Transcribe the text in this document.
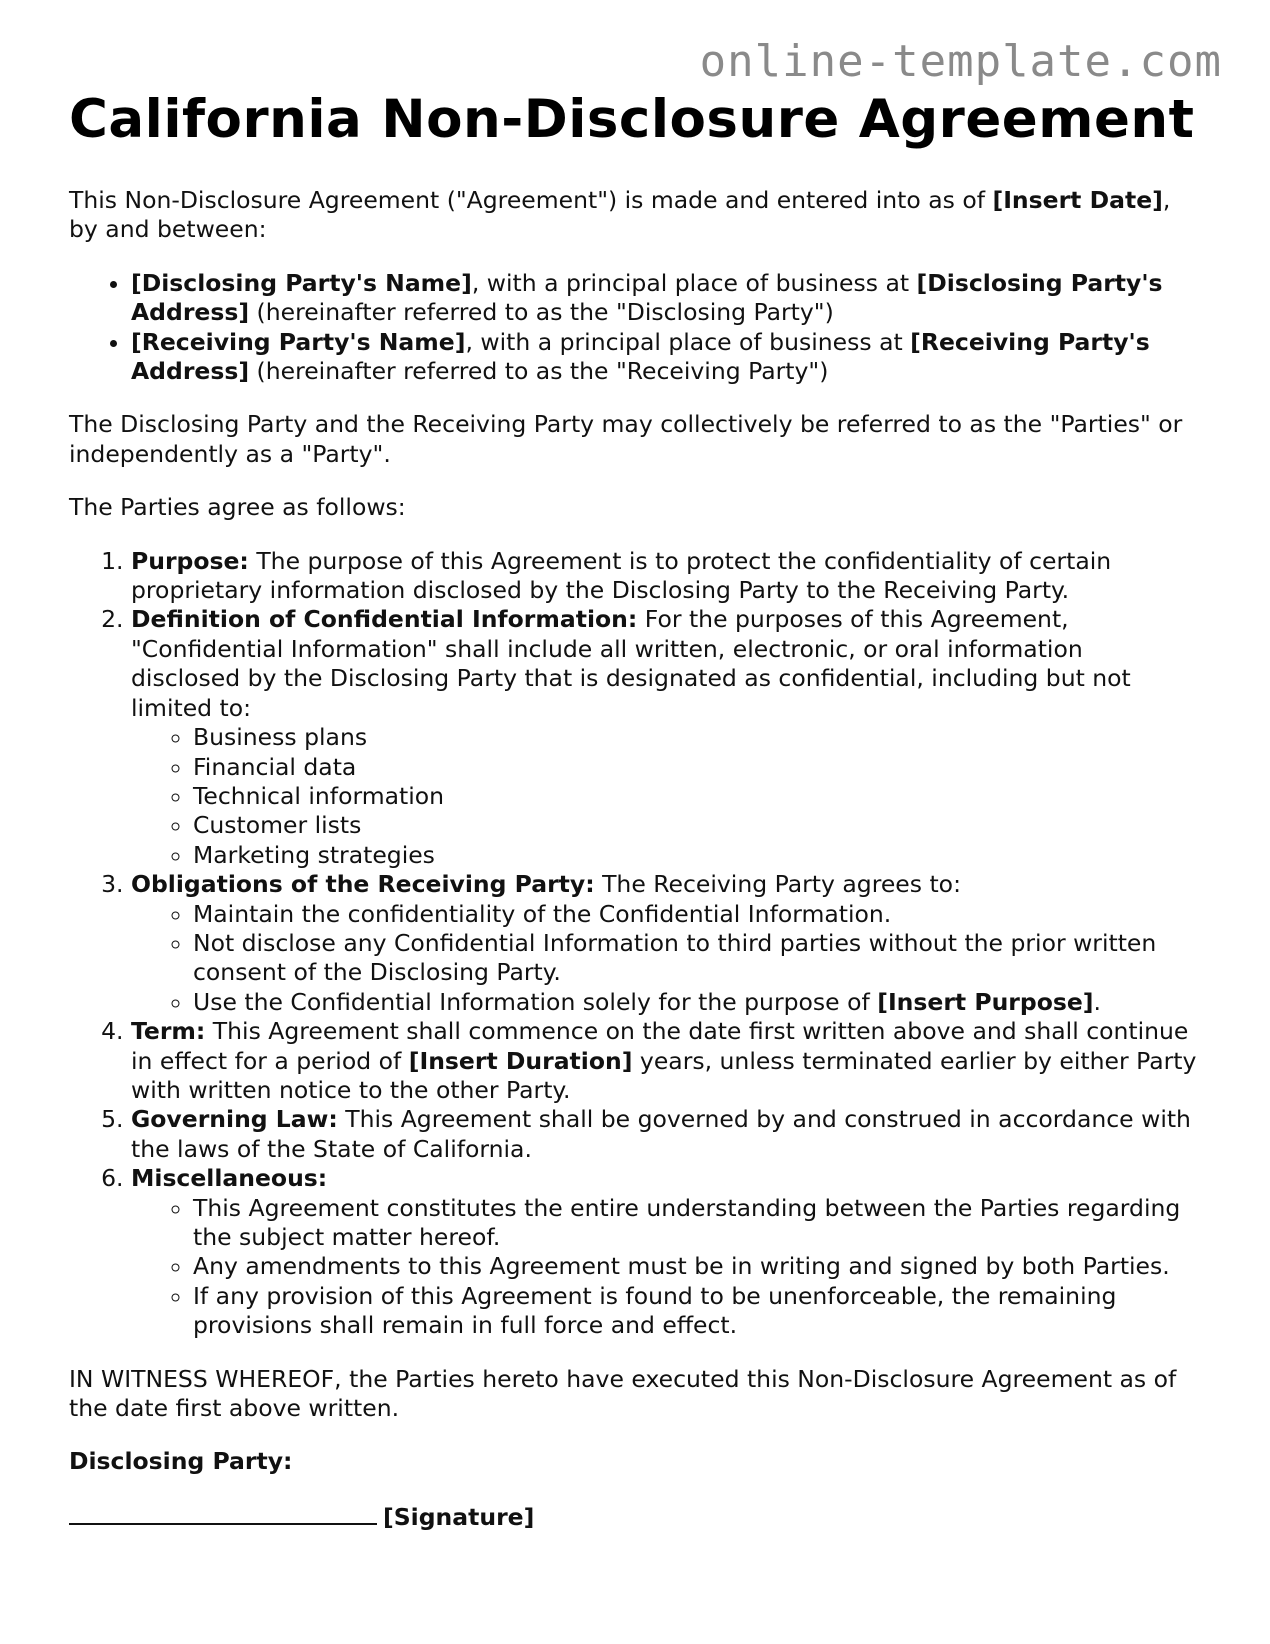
online-template.com
California Non-Disclosure Agreement

This Non-Disclosure Agreement ("Agreement") is made and entered into as of [Insert Date], by and between:

• [Disclosing Party's Name], with a principal place of business at [Disclosing Party's Address] (hereinafter referred to as the "Disclosing Party")
• [Receiving Party's Name], with a principal place of business at [Receiving Party's Address] (hereinafter referred to as the "Receiving Party")

The Disclosing Party and the Receiving Party may collectively be referred to as the "Parties" or independently as a "Party".

The Parties agree as follows:

1. Purpose: The purpose of this Agreement is to protect the confidentiality of certain proprietary information disclosed by the Disclosing Party to the Receiving Party.
2. Definition of Confidential Information: For the purposes of this Agreement, "Confidential Information" shall include all written, electronic, or oral information disclosed by the Disclosing Party that is designated as confidential, including but not limited to:
◦ Business plans
◦ Financial data
◦ Technical information
◦ Customer lists
◦ Marketing strategies
3. Obligations of the Receiving Party: The Receiving Party agrees to:
◦ Maintain the confidentiality of the Confidential Information.
◦ Not disclose any Confidential Information to third parties without the prior written consent of the Disclosing Party.
◦ Use the Confidential Information solely for the purpose of [Insert Purpose].
4. Term: This Agreement shall commence on the date first written above and shall continue in effect for a period of [Insert Duration] years, unless terminated earlier by either Party with written notice to the other Party.
5. Governing Law: This Agreement shall be governed by and construed in accordance with the laws of the State of California.
6. Miscellaneous:
◦ This Agreement constitutes the entire understanding between the Parties regarding the subject matter hereof.
◦ Any amendments to this Agreement must be in writing and signed by both Parties.
◦ If any provision of this Agreement is found to be unenforceable, the remaining provisions shall remain in full force and effect.

IN WITNESS WHEREOF, the Parties hereto have executed this Non-Disclosure Agreement as of the date first above written.

Disclosing Party:

[Signature]
